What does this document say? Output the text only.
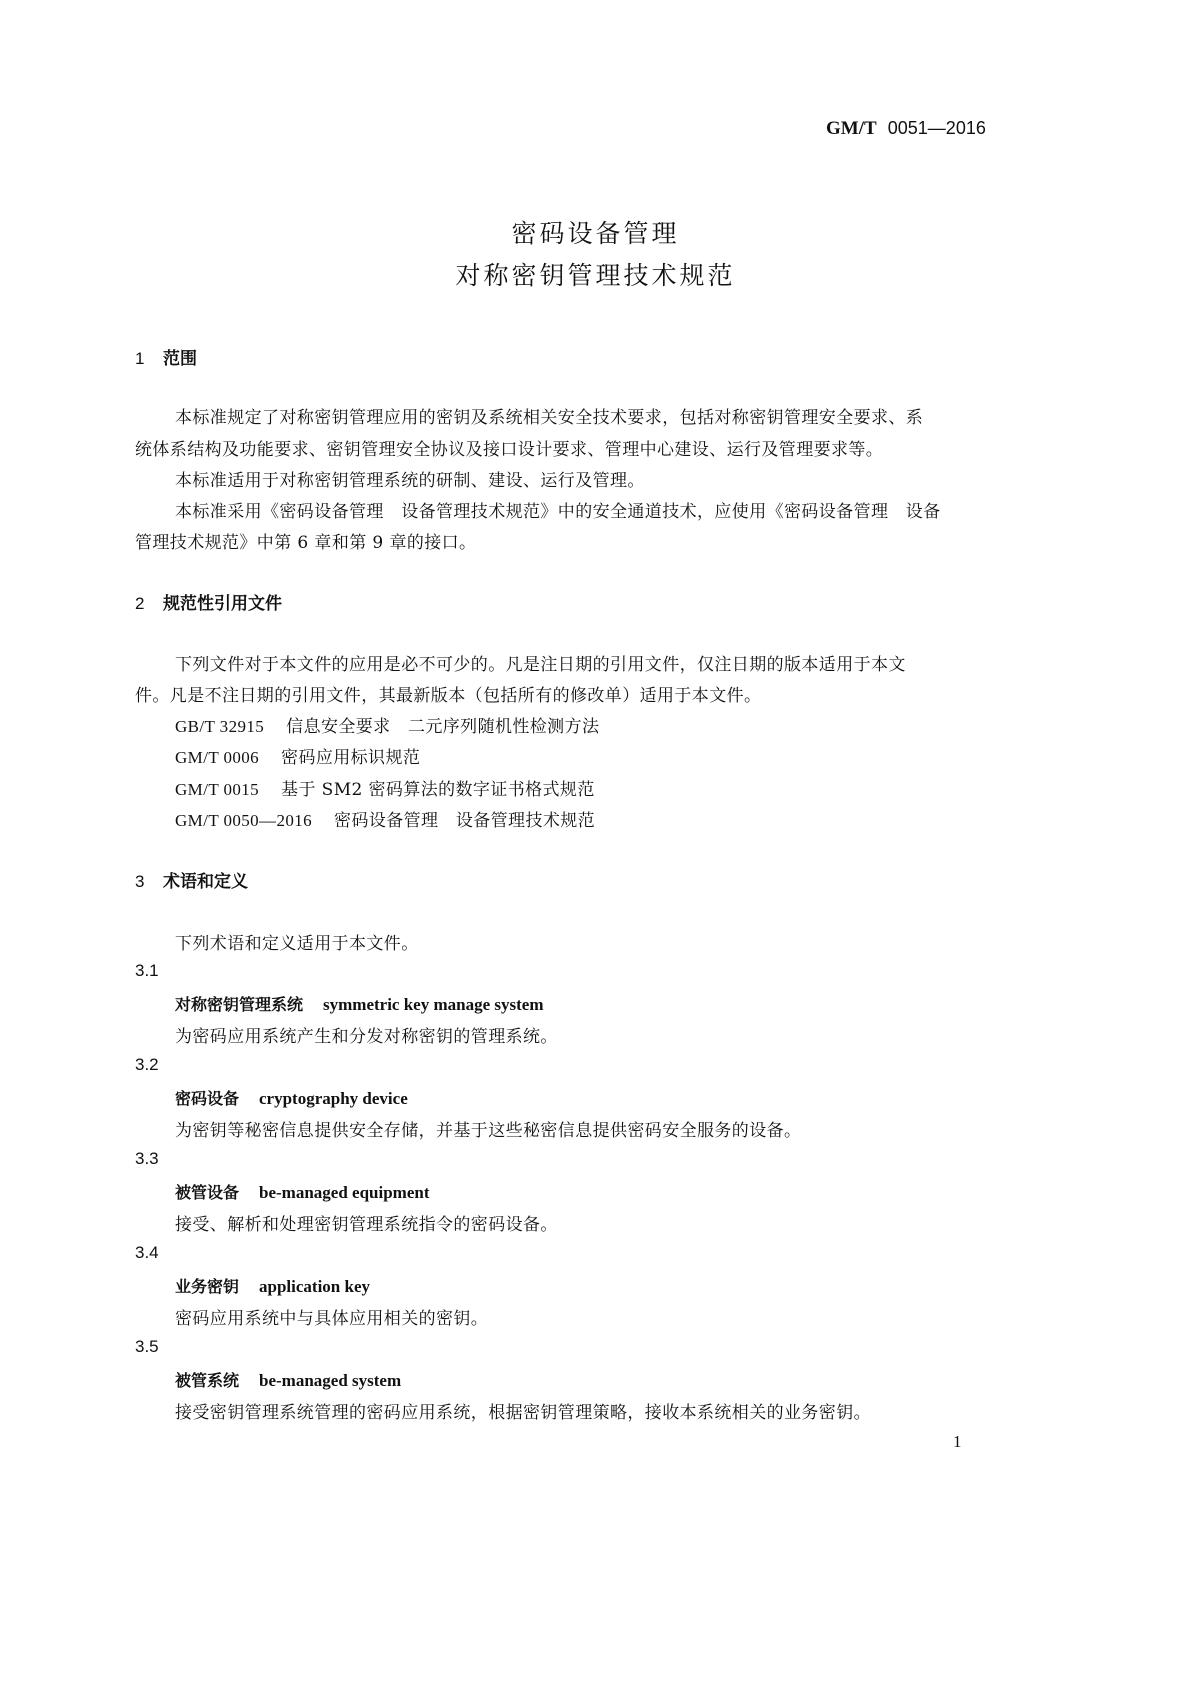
GM/T 0051—2016
密码设备管理
对称密钥管理技术规范
1 范围
本标准规定了对称密钥管理应用的密钥及系统相关安全技术要求，包括对称密钥管理安全要求、系
统体系结构及功能要求、密钥管理安全协议及接口设计要求、管理中心建设、运行及管理要求等。
本标准适用于对称密钥管理系统的研制、建设、运行及管理。
本标准采用《密码设备管理　设备管理技术规范》中的安全通道技术，应使用《密码设备管理　设备
管理技术规范》中第 6 章和第 9 章的接口。
2 规范性引用文件
下列文件对于本文件的应用是必不可少的。凡是注日期的引用文件，仅注日期的版本适用于本文
件。凡是不注日期的引用文件，其最新版本（包括所有的修改单）适用于本文件。
GB/T 32915 信息安全要求　二元序列随机性检测方法
GM/T 0006 密码应用标识规范
GM/T 0015 基于 SM2 密码算法的数字证书格式规范
GM/T 0050—2016 密码设备管理　设备管理技术规范
3 术语和定义
下列术语和定义适用于本文件。
3.1
对称密钥管理系统 symmetric key manage system
为密码应用系统产生和分发对称密钥的管理系统。
3.2
密码设备 cryptography device
为密钥等秘密信息提供安全存储，并基于这些秘密信息提供密码安全服务的设备。
3.3
被管设备 be-managed equipment
接受、解析和处理密钥管理系统指令的密码设备。
3.4
业务密钥 application key
密码应用系统中与具体应用相关的密钥。
3.5
被管系统 be-managed system
接受密钥管理系统管理的密码应用系统，根据密钥管理策略，接收本系统相关的业务密钥。
1
